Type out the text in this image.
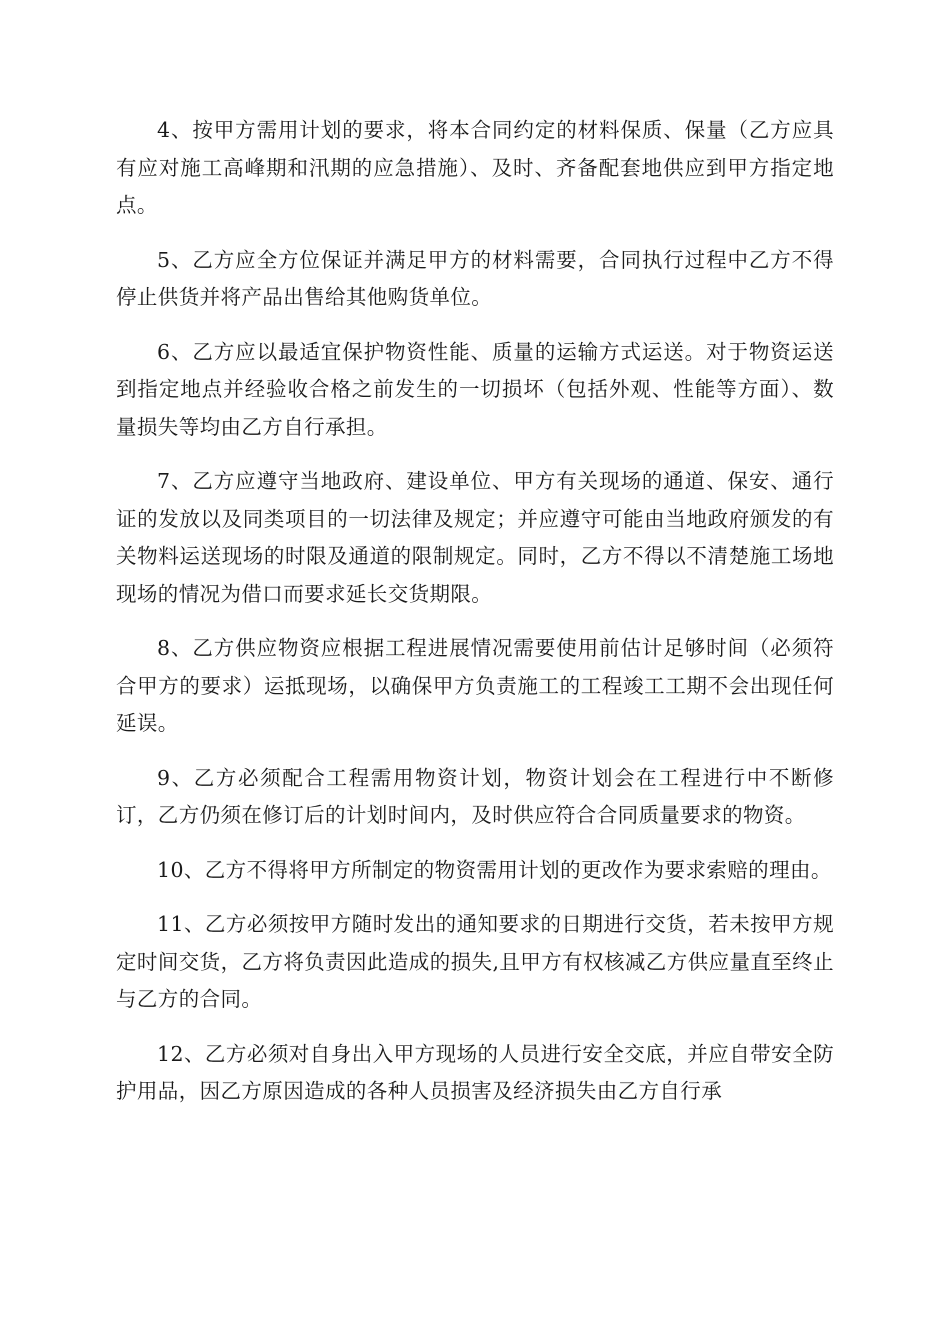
4、按甲方需用计划的要求，将本合同约定的材料保质、保量（乙方应具有应对施工高峰期和汛期的应急措施）、及时、齐备配套地供应到甲方指定地点。

5、乙方应全方位保证并满足甲方的材料需要，合同执行过程中乙方不得停止供货并将产品出售给其他购货单位。

6、乙方应以最适宜保护物资性能、质量的运输方式运送。对于物资运送到指定地点并经验收合格之前发生的一切损坏（包括外观、性能等方面）、数量损失等均由乙方自行承担。

7、乙方应遵守当地政府、建设单位、甲方有关现场的通道、保安、通行证的发放以及同类项目的一切法律及规定；并应遵守可能由当地政府颁发的有关物料运送现场的时限及通道的限制规定。同时，乙方不得以不清楚施工场地现场的情况为借口而要求延长交货期限。

8、乙方供应物资应根据工程进展情况需要使用前估计足够时间（必须符合甲方的要求）运抵现场，以确保甲方负责施工的工程竣工工期不会出现任何延误。

9、乙方必须配合工程需用物资计划，物资计划会在工程进行中不断修订，乙方仍须在修订后的计划时间内，及时供应符合合同质量要求的物资。

10、乙方不得将甲方所制定的物资需用计划的更改作为要求索赔的理由。

11、乙方必须按甲方随时发出的通知要求的日期进行交货，若未按甲方规定时间交货，乙方将负责因此造成的损失,且甲方有权核减乙方供应量直至终止与乙方的合同。

12、乙方必须对自身出入甲方现场的人员进行安全交底，并应自带安全防护用品，因乙方原因造成的各种人员损害及经济损失由乙方自行承
